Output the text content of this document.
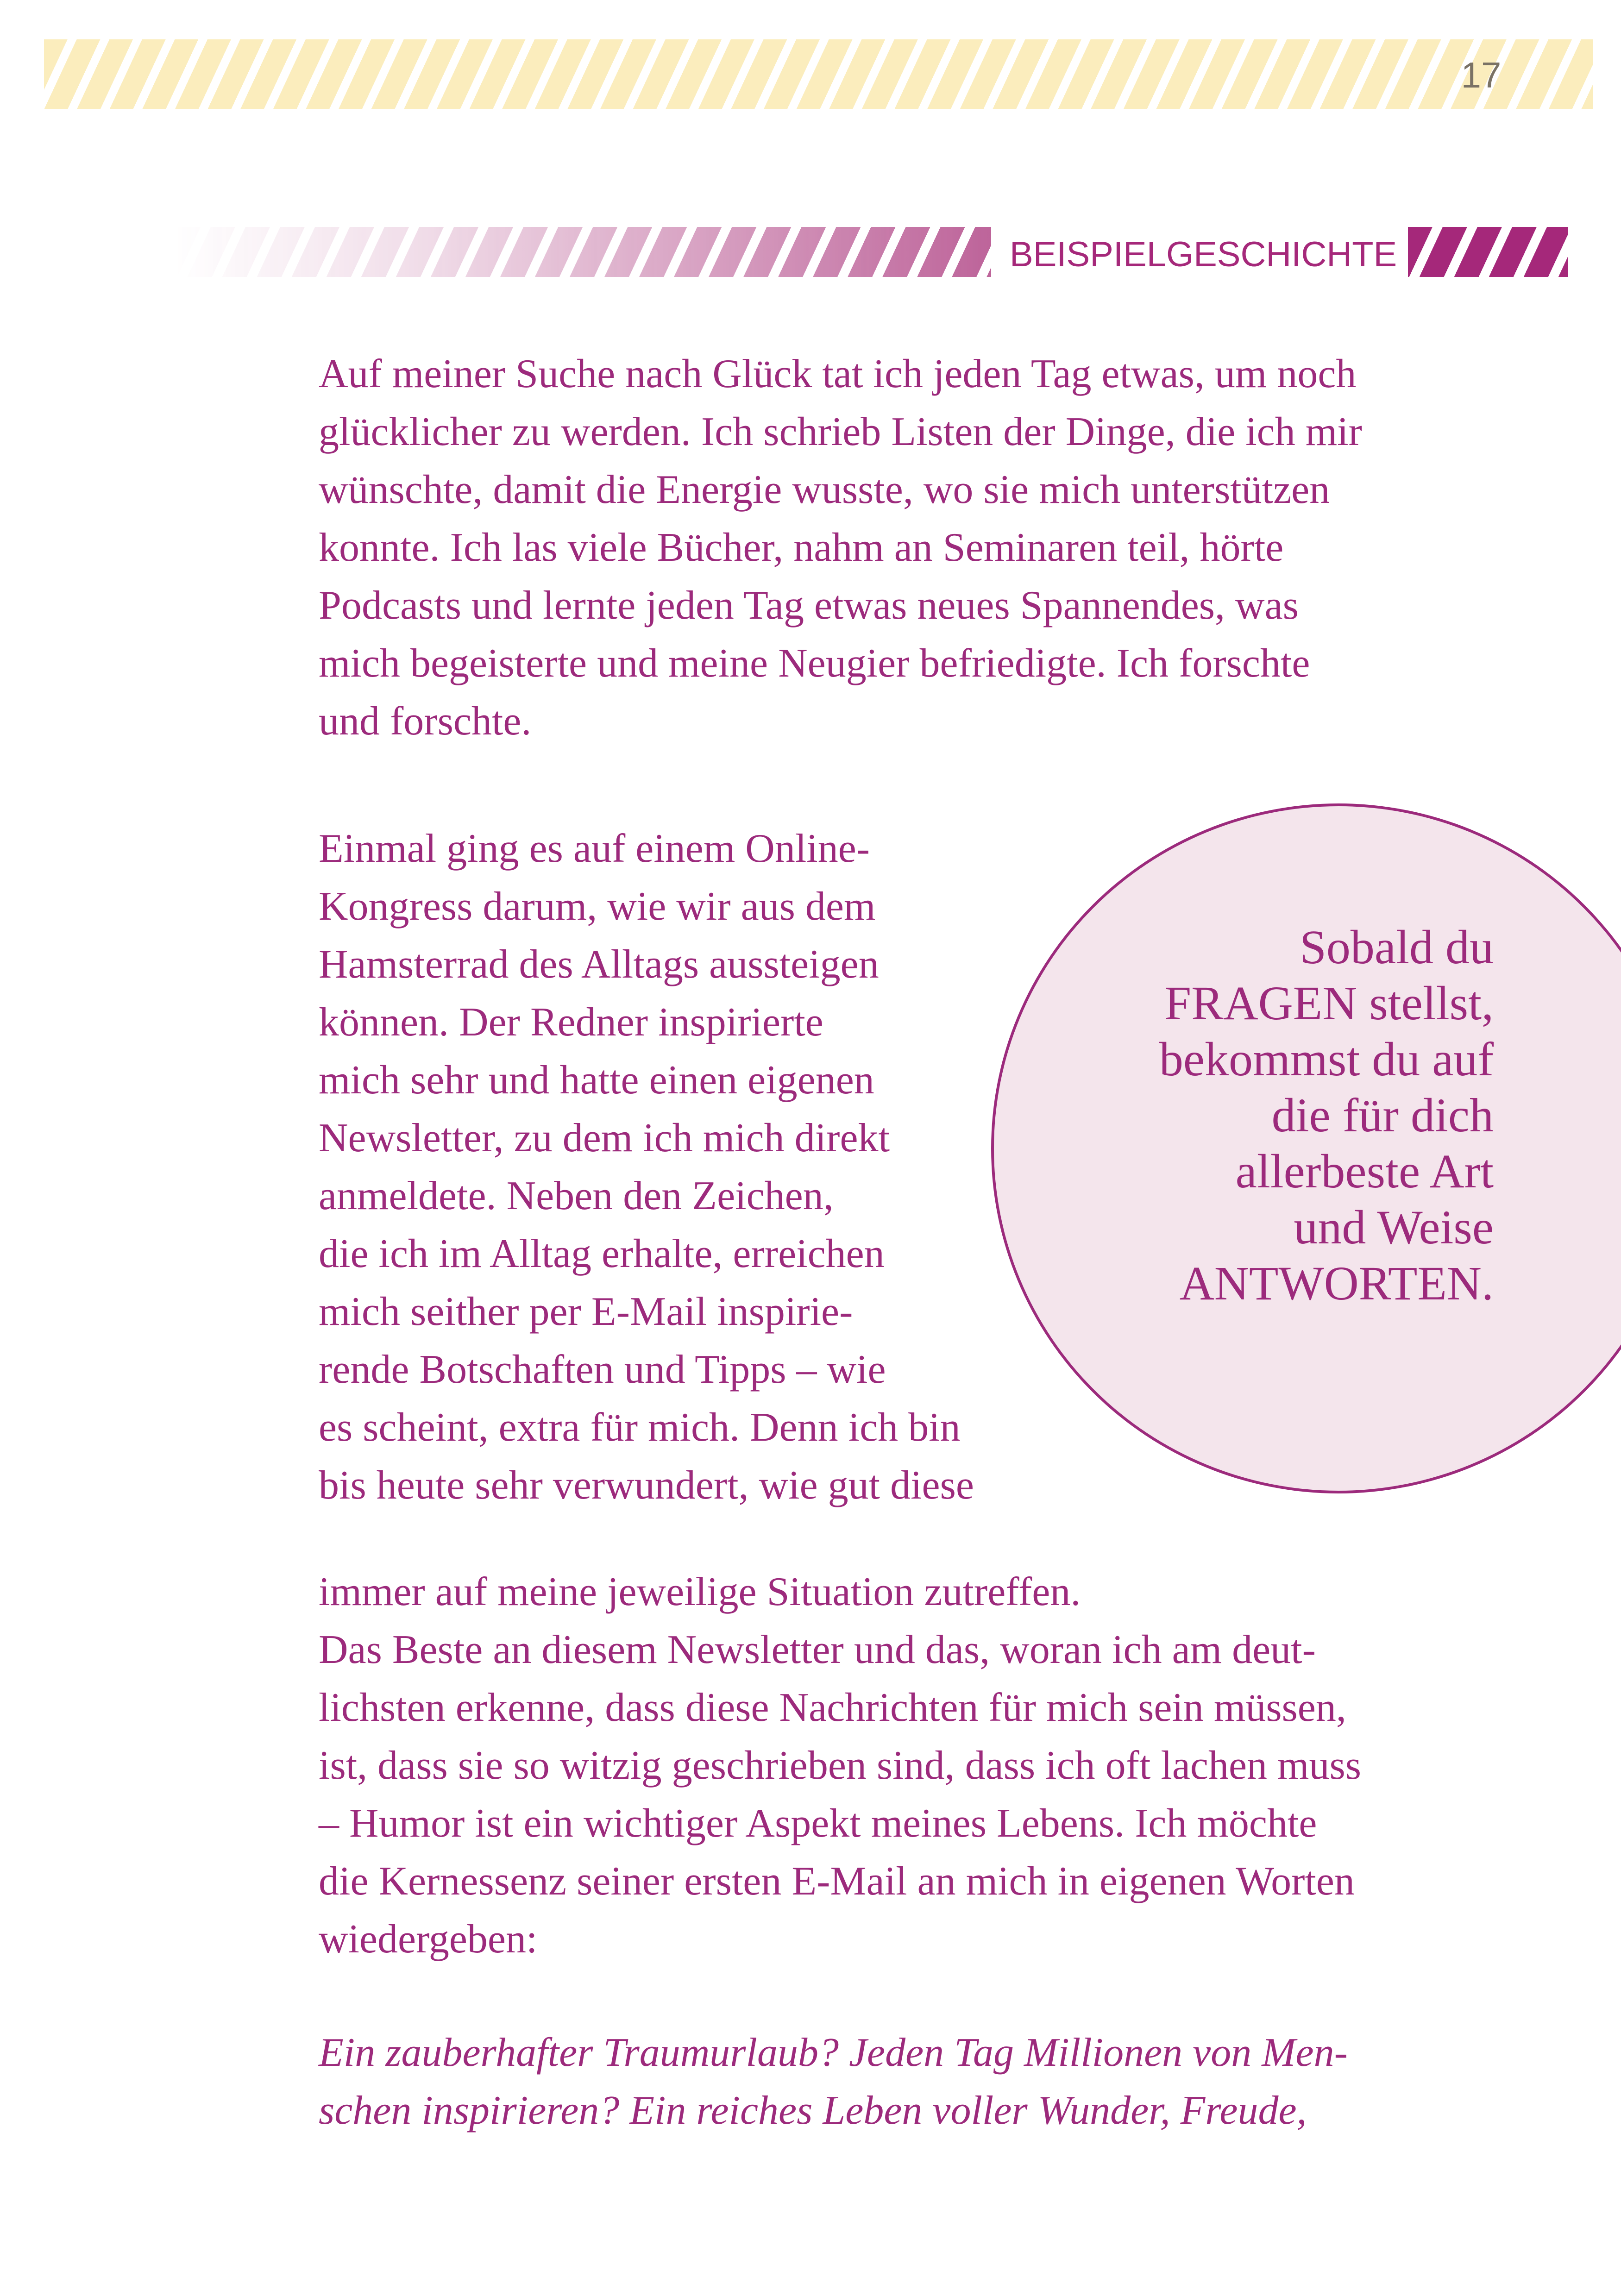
17
BEISPIELGESCHICHTE

Auf meiner Suche nach Glück tat ich jeden Tag etwas, um noch
glücklicher zu werden. Ich schrieb Listen der Dinge, die ich mir
wünschte, damit die Energie wusste, wo sie mich unterstützen
konnte. Ich las viele Bücher, nahm an Seminaren teil, hörte
Podcasts und lernte jeden Tag etwas neues Spannendes, was
mich begeisterte und meine Neugier befriedigte. Ich forschte
und forschte.

Sobald du
FRAGEN stellst,
bekommst du auf
die für dich
allerbeste Art
und Weise
ANTWORTEN.

Einmal ging es auf einem Online-
Kongress darum, wie wir aus dem
Hamsterrad des Alltags aussteigen
können. Der Redner inspirierte
mich sehr und hatte einen eigenen
Newsletter, zu dem ich mich direkt
anmeldete. Neben den Zeichen,
die ich im Alltag erhalte, erreichen
mich seither per E-Mail inspirie-
rende Botschaften und Tipps – wie
es scheint, extra für mich. Denn ich bin
bis heute sehr verwundert, wie gut diese

immer auf meine jeweilige Situation zutreffen.
Das Beste an diesem Newsletter und das, woran ich am deut-
lichsten erkenne, dass diese Nachrichten für mich sein müssen,
ist, dass sie so witzig geschrieben sind, dass ich oft lachen muss
– Humor ist ein wichtiger Aspekt meines Lebens. Ich möchte
die Kernessenz seiner ersten E-Mail an mich in eigenen Worten
wiedergeben:

Ein zauberhafter Traumurlaub? Jeden Tag Millionen von Men-
schen inspirieren? Ein reiches Leben voller Wunder, Freude,
